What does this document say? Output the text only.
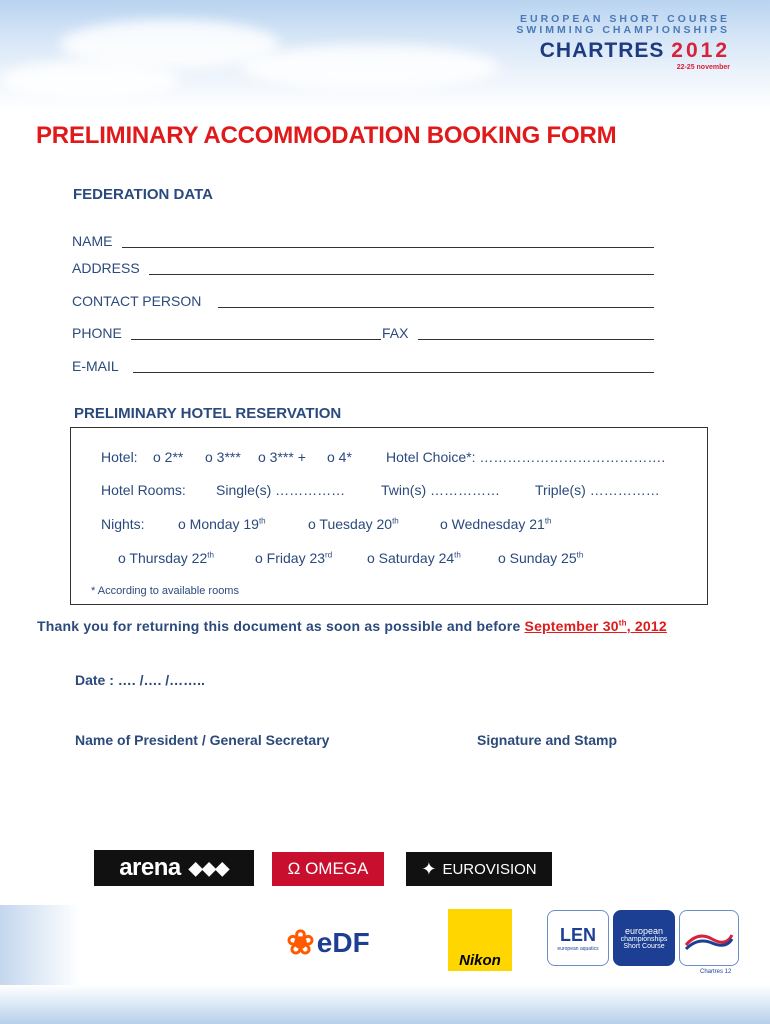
EUROPEAN SHORT COURSE
SWIMMING CHAMPIONSHIPS
CHARTRES 2012
22-25 november
PRELIMINARY ACCOMMODATION BOOKING FORM
FEDERATION DATA
NAME
ADDRESS
CONTACT PERSON
PHONE	FAX
E-MAIL
PRELIMINARY HOTEL RESERVATION
Hotel: o 2** o 3*** o 3*** + o 4* Hotel Choice*: ………………………………….
Hotel Rooms: Single(s) ……………	Twin(s) ……………	Triple(s) ……………
Nights: o Monday 19th	o Tuesday 20th	o Wednesday 21th
o Thursday 22th	o Friday 23rd o Saturday 24th	o Sunday 25th
* According to available rooms
Thank you for returning this document as soon as possible and before September 30th, 2012
Date : …. /…. /……..
Name of President / General Secretary	Signature and Stamp
arena ◆◆◆	Ω OMEGA	✦ EUROVISION
❀ eDF
Nikon
LEN
european aquatics
european
championships
Short Course
Chartres 12
